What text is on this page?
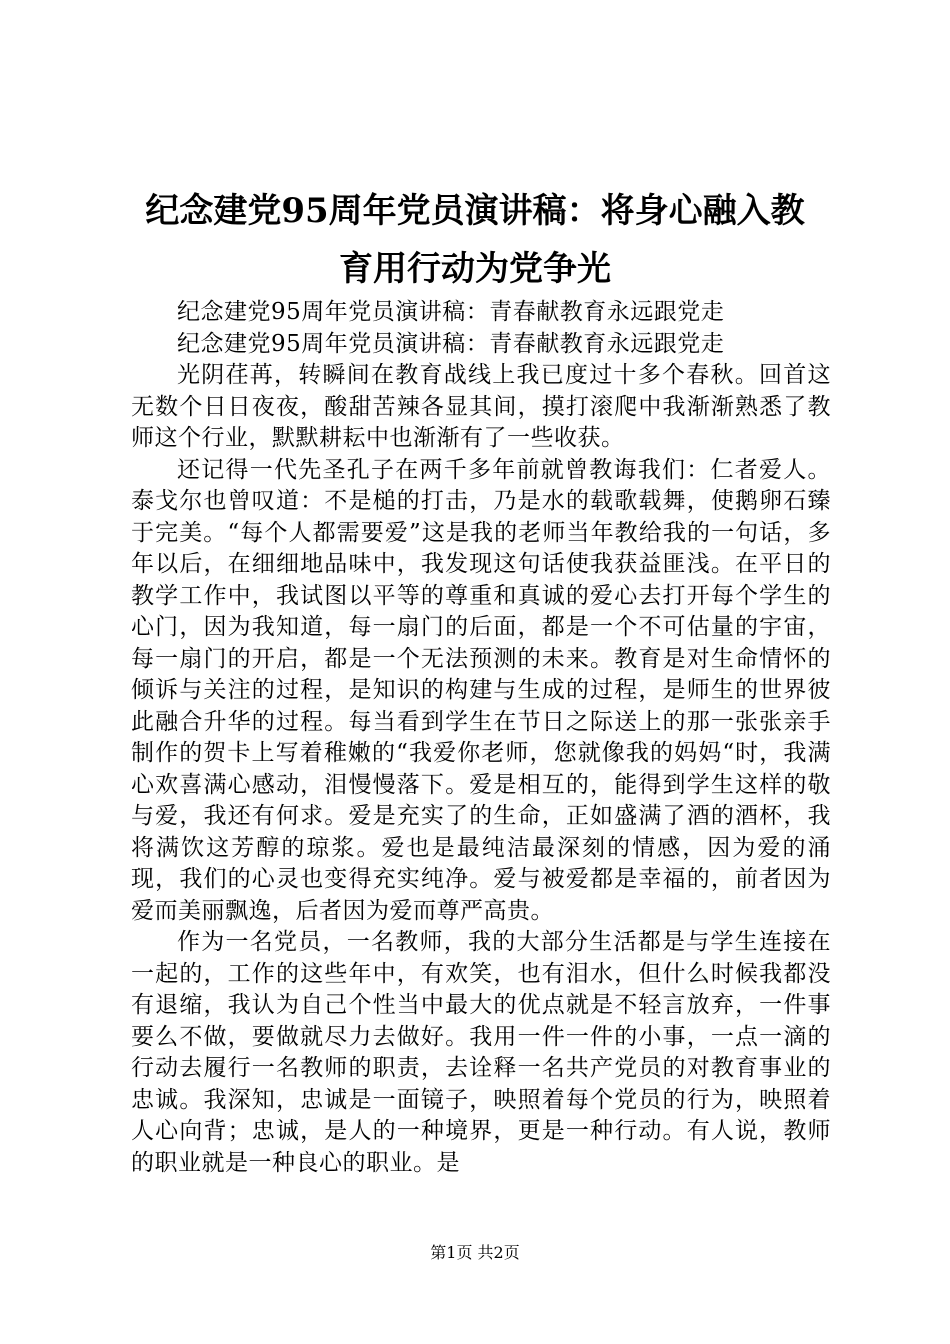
纪念建党95周年党员演讲稿：将身心融入教
育用行动为党争光

纪念建党95周年党员演讲稿：青春献教育永远跟党走

纪念建党95周年党员演讲稿：青春献教育永远跟党走

光阴荏苒，转瞬间在教育战线上我已度过十多个春秋。回首这无数个日日夜夜，酸甜苦辣各显其间，摸打滚爬中我渐渐熟悉了教师这个行业，默默耕耘中也渐渐有了一些收获。

还记得一代先圣孔子在两千多年前就曾教诲我们：仁者爱人。泰戈尔也曾叹道：不是槌的打击，乃是水的载歌载舞，使鹅卵石臻于完美。“每个人都需要爱”这是我的老师当年教给我的一句话，多年以后，在细细地品味中，我发现这句话使我获益匪浅。在平日的教学工作中，我试图以平等的尊重和真诚的爱心去打开每个学生的心门，因为我知道，每一扇门的后面，都是一个不可估量的宇宙，每一扇门的开启，都是一个无法预测的未来。教育是对生命情怀的倾诉与关注的过程，是知识的构建与生成的过程，是师生的世界彼此融合升华的过程。每当看到学生在节日之际送上的那一张张亲手制作的贺卡上写着稚嫩的“我爱你老师，您就像我的妈妈“时，我满心欢喜满心感动，泪慢慢落下。爱是相互的，能得到学生这样的敬与爱，我还有何求。爱是充实了的生命，正如盛满了酒的酒杯，我将满饮这芳醇的琼浆。爱也是最纯洁最深刻的情感，因为爱的涌现，我们的心灵也变得充实纯净。爱与被爱都是幸福的，前者因为爱而美丽飘逸，后者因为爱而尊严高贵。

作为一名党员，一名教师，我的大部分生活都是与学生连接在一起的，工作的这些年中，有欢笑，也有泪水，但什么时候我都没有退缩，我认为自己个性当中最大的优点就是不轻言放弃，一件事要么不做，要做就尽力去做好。我用一件一件的小事，一点一滴的行动去履行一名教师的职责，去诠释一名共产党员的对教育事业的忠诚。我深知，忠诚是一面镜子，映照着每个党员的行为，映照着人心向背；忠诚，是人的一种境界，更是一种行动。有人说，教师的职业就是一种良心的职业。是

第1页 共2页
